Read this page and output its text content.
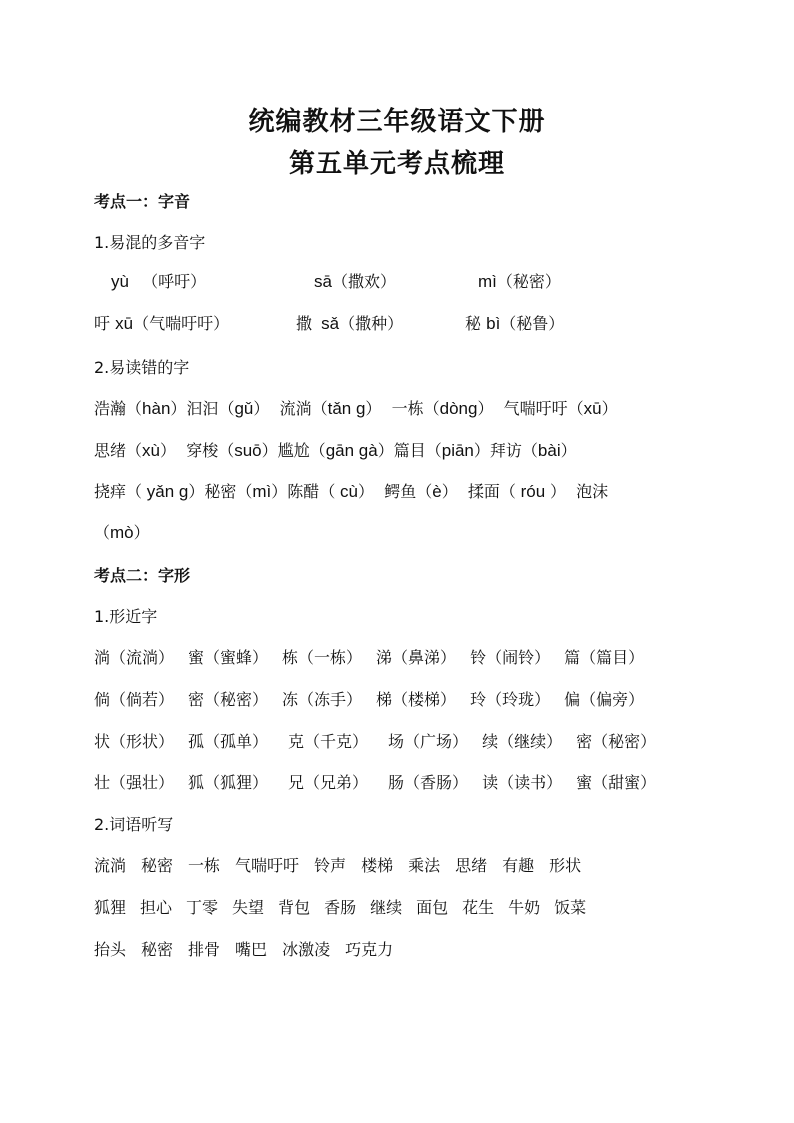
统编教材三年级语文下册
第五单元考点梳理
考点一：字音
1.易混的多音字
yù （呼吁）	sā（撒欢）	mì（秘密）
吁 xū（气喘吁吁）	撒 sǎ（撒种）	秘 bì（秘鲁）
2.易读错的字
浩瀚（hàn）汩汩（gǔ）  流淌（tǎn g）  一栋（dòng）  气喘吁吁（xū）
思绪（xù）  穿梭（suō）尴尬（gān gà）篇目（piān）拜访（bài）
挠痒（ yǎn g）秘密（mì）陈醋（ cù）  鳄鱼（è）  揉面（ róu ）  泡沫
（mò）
考点二：字形
1.形近字
淌（流淌） 蜜（蜜蜂） 栋（一栋） 涕（鼻涕） 铃（闹铃） 篇（篇目）
倘（倘若） 密（秘密） 冻（冻手） 梯（楼梯） 玲（玲珑） 偏（偏旁）
状（形状） 孤（孤单） 克（千克） 场（广场） 续（继续） 密（秘密）
壮（强壮） 狐（狐狸） 兄（兄弟） 肠（香肠） 读（读书） 蜜（甜蜜）
2.词语听写
流淌 秘密 一栋 气喘吁吁 铃声 楼梯 乘法 思绪 有趣 形状
狐狸 担心 丁零 失望 背包 香肠 继续 面包 花生 牛奶 饭菜
抬头 秘密 排骨 嘴巴 冰激凌 巧克力
